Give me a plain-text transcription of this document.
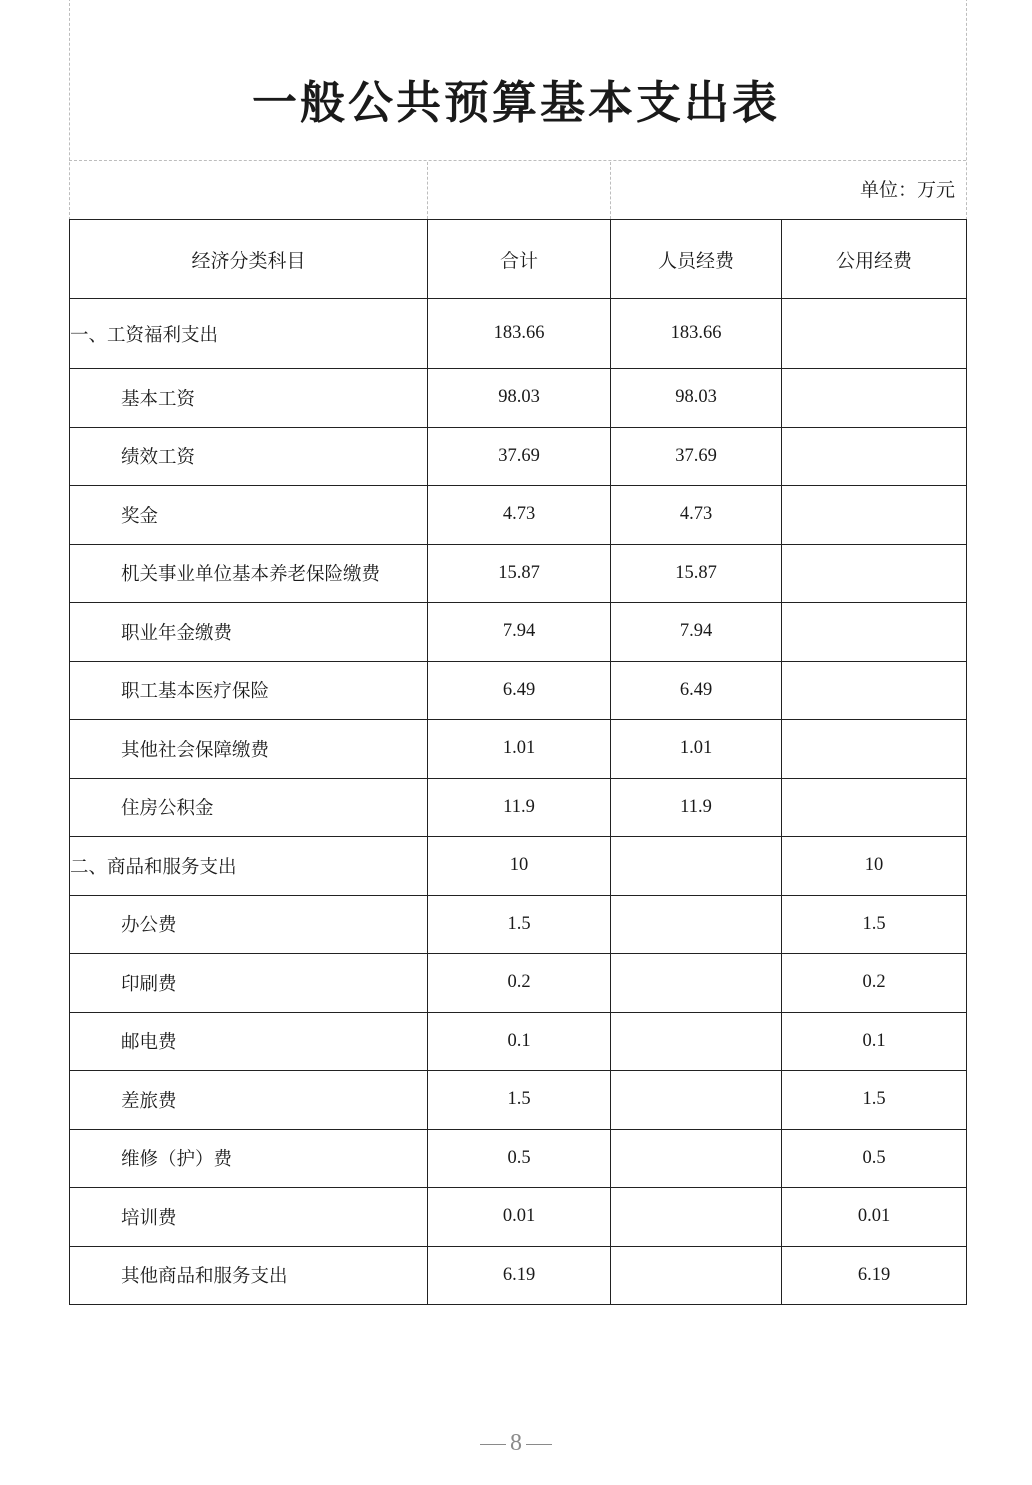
一般公共预算基本支出表
单位：万元
经济分类科目	合计	人员经费	公用经费
一、工资福利支出	183.66	183.66	
基本工资	98.03	98.03	
绩效工资	37.69	37.69	
奖金	4.73	4.73	
机关事业单位基本养老保险缴费	15.87	15.87	
职业年金缴费	7.94	7.94	
职工基本医疗保险	6.49	6.49	
其他社会保障缴费	1.01	1.01	
住房公积金	11.9	11.9	
二、商品和服务支出	10		10
办公费	1.5		1.5
印刷费	0.2		0.2
邮电费	0.1		0.1
差旅费	1.5		1.5
维修（护）费	0.5		0.5
培训费	0.01		0.01
其他商品和服务支出	6.19		6.19
8
